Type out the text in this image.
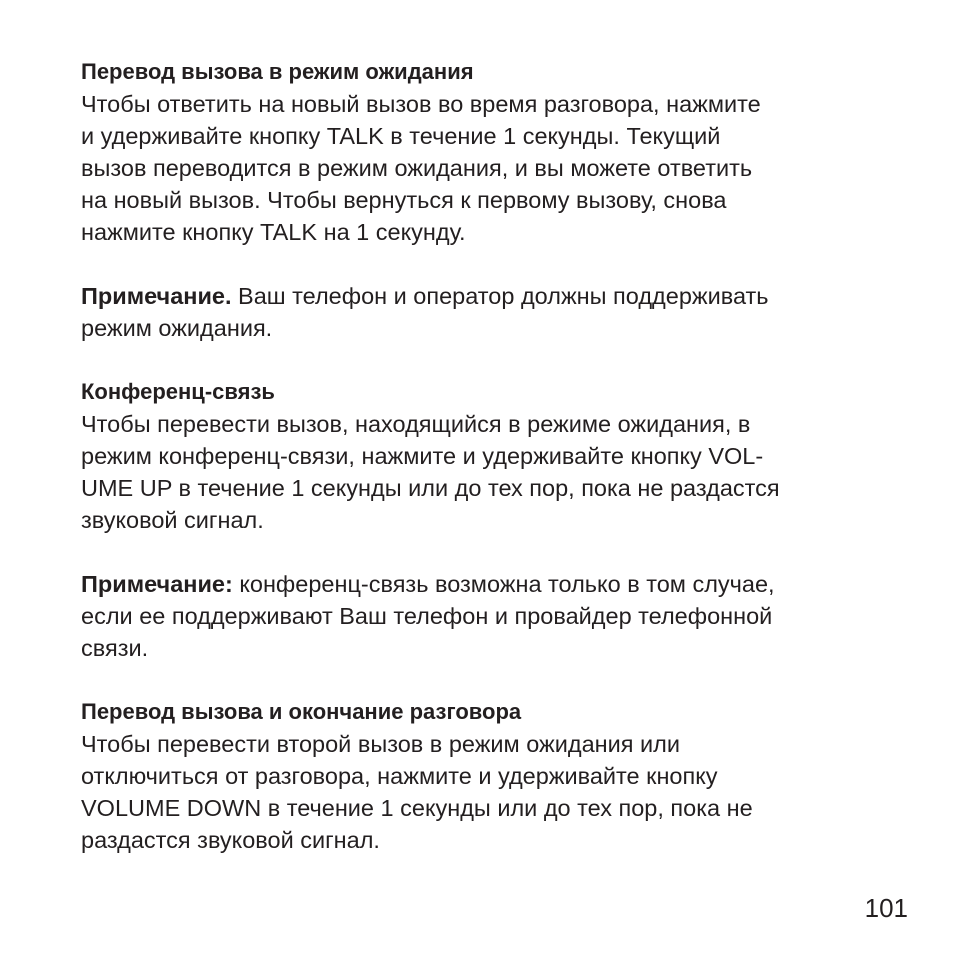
Перевод вызова в режим ожидания
Чтобы ответить на новый вызов во время разговора, нажмите
и удерживайте кнопку TALK в течение 1 секунды. Текущий
вызов переводится в режим ожидания, и вы можете ответить
на новый вызов. Чтобы вернуться к первому вызову, снова
нажмите кнопку TALK на 1 секунду.
Примечание. Ваш телефон и оператор должны поддерживать
режим ожидания.
Конференц-связь
Чтобы перевести вызов, находящийся в режиме ожидания, в
режим конференц-связи, нажмите и удерживайте кнопку VOL-
UME UP в течение 1 секунды или до тех пор, пока не раздастся
звуковой сигнал.
Примечание: конференц-связь возможна только в том случае,
если ее поддерживают Ваш телефон и провайдер телефонной
связи.
Перевод вызова и окончание разговора
Чтобы перевести второй вызов в режим ожидания или
отключиться от разговора, нажмите и удерживайте кнопку
VOLUME DOWN в течение 1 секунды или до тех пор, пока не
раздастся звуковой сигнал.
101
